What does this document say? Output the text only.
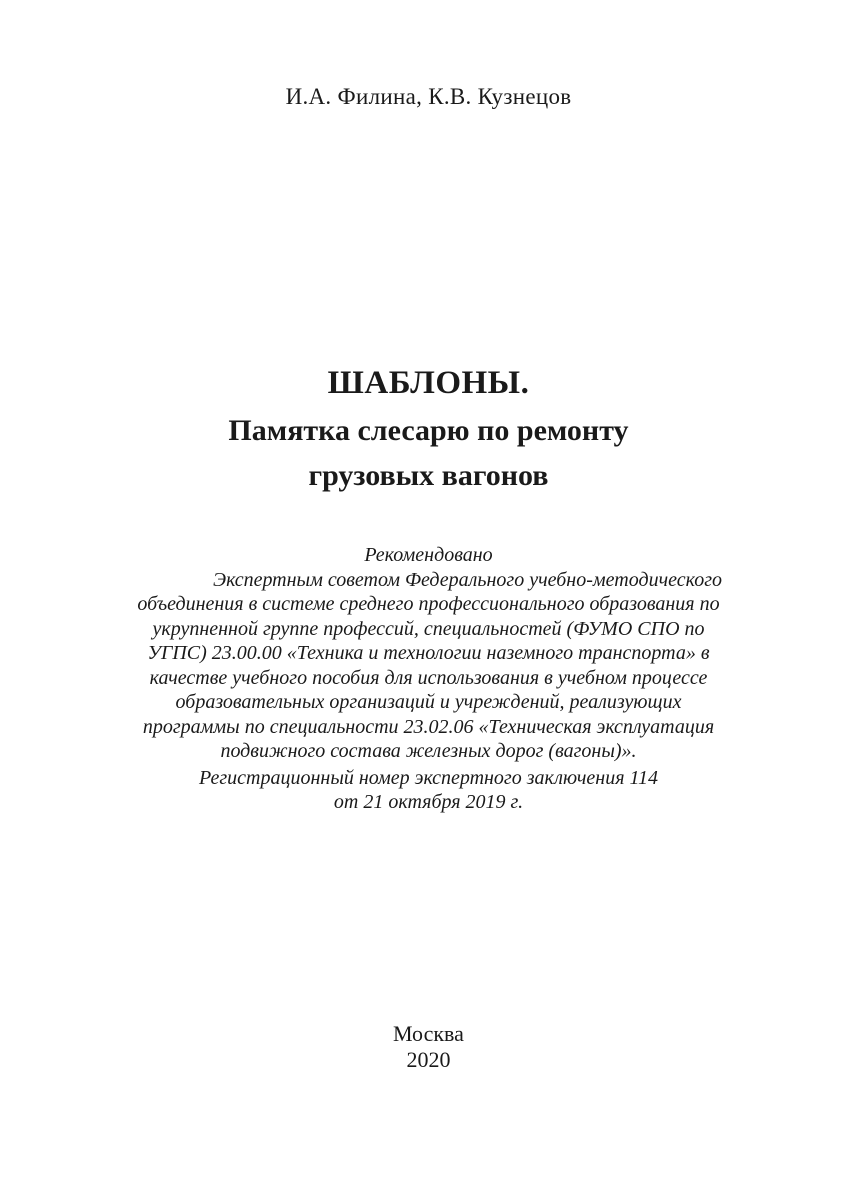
И.А. Филина, К.В. Кузнецов
ШАБЛОНЫ.
Памятка слесарю по ремонту
грузовых вагонов
Рекомендовано
Экспертным советом Федерального учебно-методического
объединения в системе среднего профессионального образования по
укрупненной группе профессий, специальностей (ФУМО СПО по
УГПС) 23.00.00 «Техника и технологии наземного транспорта» в
качестве учебного пособия для использования в учебном процессе
образовательных организаций и учреждений, реализующих
программы по специальности 23.02.06 «Техническая эксплуатация
подвижного состава железных дорог (вагоны)».
Регистрационный номер экспертного заключения 114
от 21 октября 2019 г.
Москва
2020
